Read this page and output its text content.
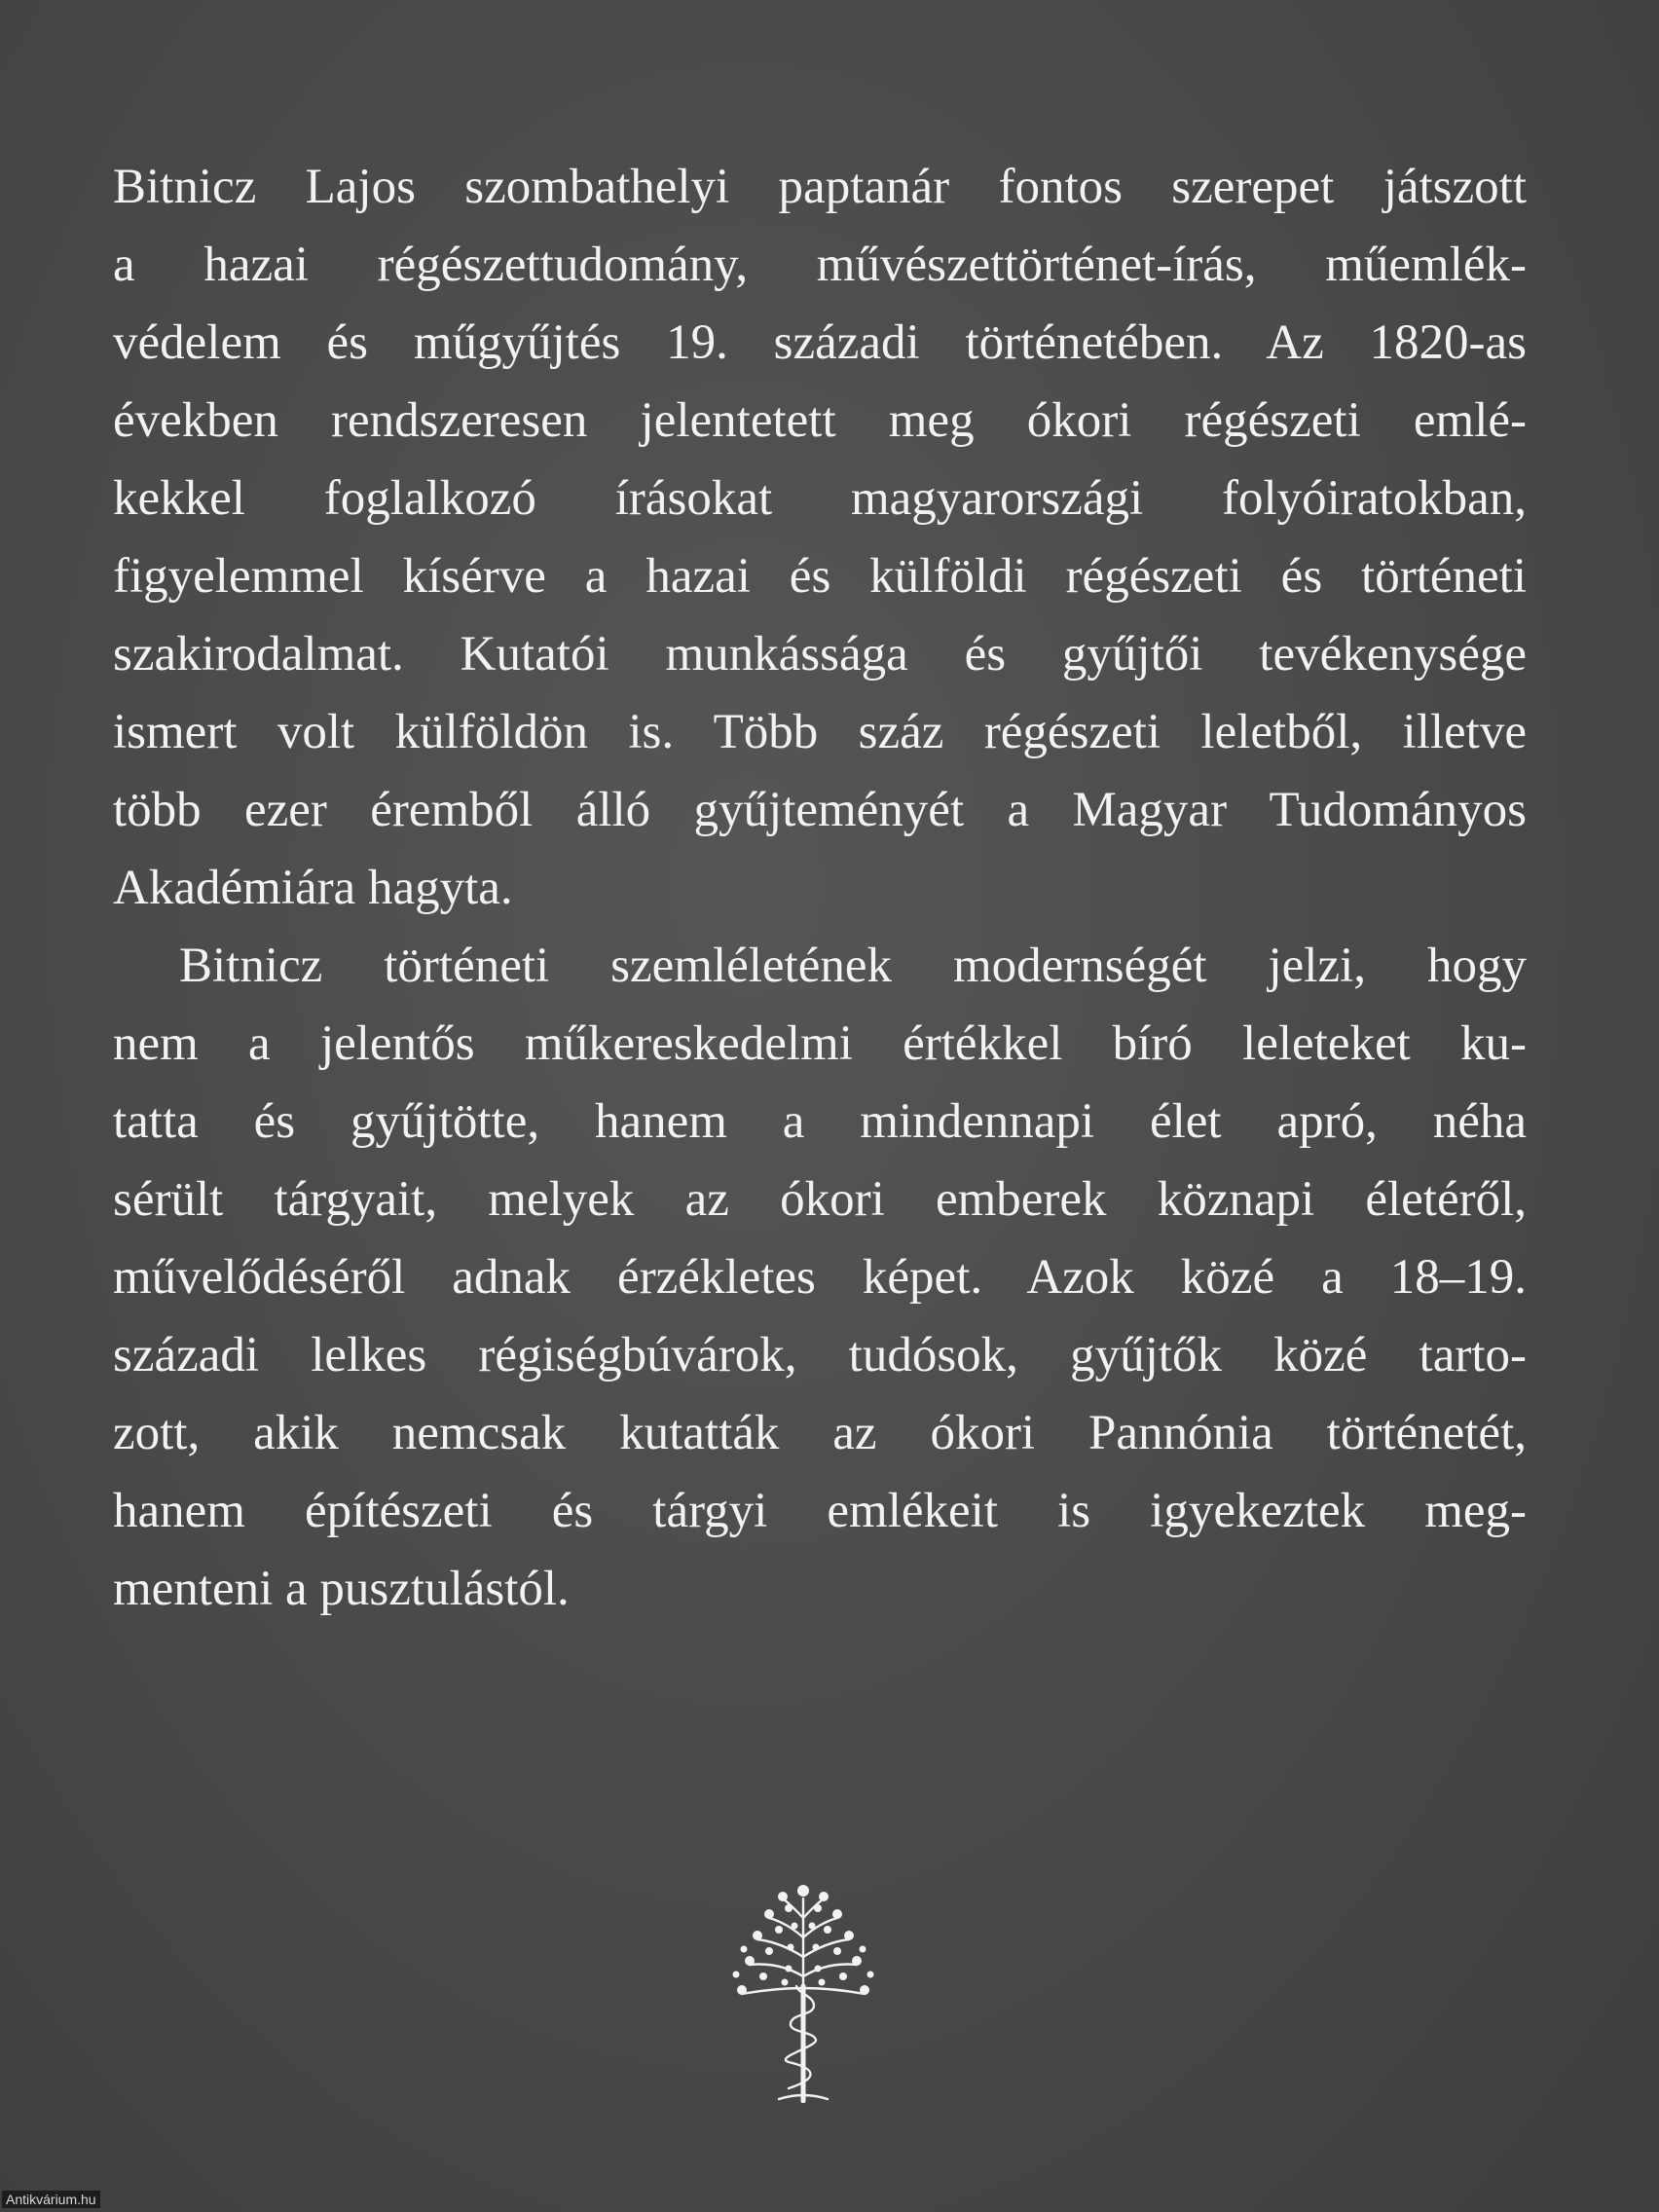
Bitnicz Lajos szombathelyi paptanár fontos szerepet játszott
a hazai régészettudomány, művészettörténet-írás, műemlék-
védelem és műgyűjtés 19. századi történetében. Az 1820-as
években rendszeresen jelentetett meg ókori régészeti emlé-
kekkel foglalkozó írásokat magyarországi folyóiratokban,
figyelemmel kísérve a hazai és külföldi régészeti és történeti
szakirodalmat. Kutatói munkássága és gyűjtői tevékenysége
ismert volt külföldön is. Több száz régészeti leletből, illetve
több ezer éremből álló gyűjteményét a Magyar Tudományos
Akadémiára hagyta.

Bitnicz történeti szemléletének modernségét jelzi, hogy
nem a jelentős műkereskedelmi értékkel bíró leleteket ku-
tatta és gyűjtötte, hanem a mindennapi élet apró, néha
sérült tárgyait, melyek az ókori emberek köznapi életéről,
művelődéséről adnak érzékletes képet. Azok közé a 18–19.
századi lelkes régiségbúvárok, tudósok, gyűjtők közé tarto-
zott, akik nemcsak kutatták az ókori Pannónia történetét,
hanem építészeti és tárgyi emlékeit is igyekeztek meg-
menteni a pusztulástól.

Antikvárium.hu
